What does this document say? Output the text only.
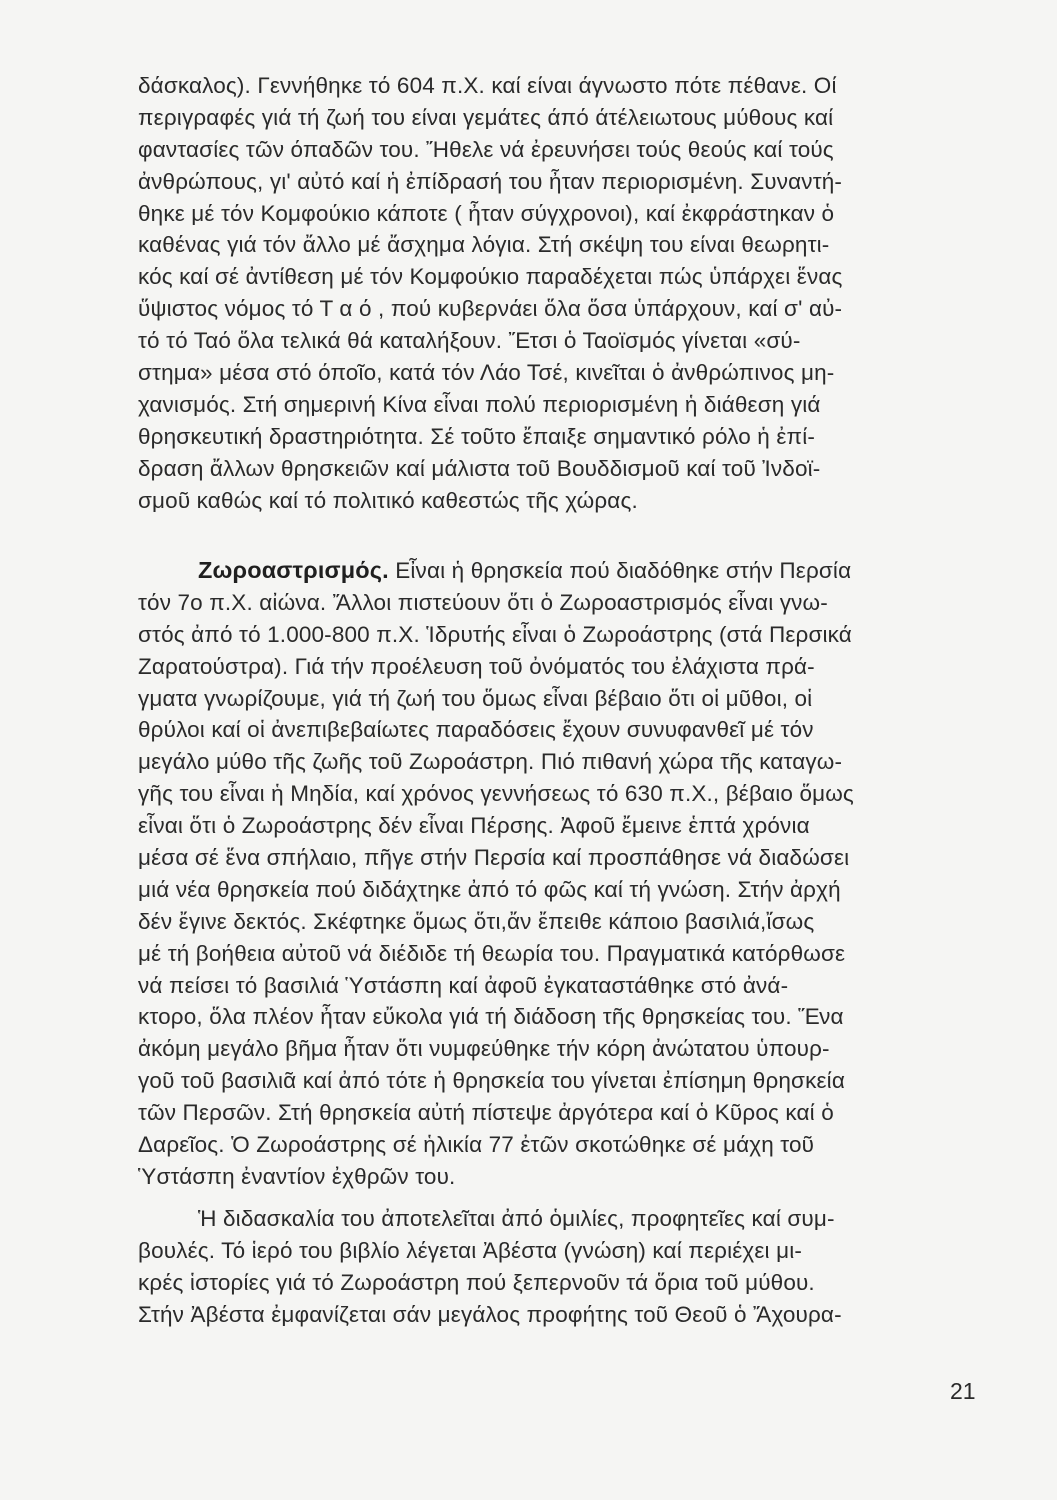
δάσκαλος). Γεννήθηκε τό 604 π.Χ. καί είναι άγνωστο πότε πέθανε. Οί
περιγραφές γιά τή ζωή του είναι γεμάτες άπό άτέλειωτους μύθους καί
φαντασίες τῶν όπαδῶν του. Ἤθελε νά ἐρευνήσει τούς θεούς καί τούς
ἀνθρώπους, γι' αὐτό καί ἡ ἐπίδρασή του ἦταν περιορισμένη. Συναντή-
θηκε μέ τόν Κομφούκιο κάποτε ( ἦταν σύγχρονοι), καί ἐκφράστηκαν ὁ
καθένας γιά τόν ἄλλο μέ ἄσχημα λόγια. Στή σκέψη του είναι θεωρητι-
κός καί σέ ἀντίθεση μέ τόν Κομφούκιο παραδέχεται πώς ὑπάρχει ἕνας
ὕψιστος νόμος τό Τ α ό , πού κυβερνάει ὅλα ὅσα ὑπάρχουν, καί σ' αὐ-
τό τό Ταό ὅλα τελικά θά καταλήξουν. Ἔτσι ὁ Ταοϊσμός γίνεται «σύ-
στημα» μέσα στό όποῖο, κατά τόν Λάο Τσέ, κινεῖται ὁ ἀνθρώπινος μη-
χανισμός. Στή σημερινή Κίνα εἶναι πολύ περιορισμένη ἡ διάθεση γιά
θρησκευτική δραστηριότητα. Σέ τοῦτο ἔπαιξε σημαντικό ρόλο ἡ ἐπί-
δραση ἄλλων θρησκειῶν καί μάλιστα τοῦ Βουδδισμοῦ καί τοῦ Ἰνδοϊ-
σμοῦ καθώς καί τό πολιτικό καθεστώς τῆς χώρας.
Ζωροαστρισμός. Εἶναι ἡ θρησκεία πού διαδόθηκε στήν Περσία
τόν 7ο π.Χ. αἰώνα. Ἄλλοι πιστεύουν ὅτι ὁ Ζωροαστρισμός εἶναι γνω-
στός ἀπό τό 1.000-800 π.Χ. Ἱδρυτής εἶναι ὁ Ζωροάστρης (στά Περσικά
Ζαρατούστρα). Γιά τήν προέλευση τοῦ ὀνόματός του ἐλάχιστα πρά-
γματα γνωρίζουμε, γιά τή ζωή του ὅμως εἶναι βέβαιο ὅτι οἱ μῦθοι, οἱ
θρύλοι καί οἱ ἀνεπιβεβαίωτες παραδόσεις ἔχουν συνυφανθεῖ μέ τόν
μεγάλο μύθο τῆς ζωῆς τοῦ Ζωροάστρη. Πιό πιθανή χώρα τῆς καταγω-
γῆς του εἶναι ἡ Μηδία, καί χρόνος γεννήσεως τό 630 π.Χ., βέβαιο ὅμως
εἶναι ὅτι ὁ Ζωροάστρης δέν εἶναι Πέρσης. Ἀφοῦ ἔμεινε ἑπτά χρόνια
μέσα σέ ἕνα σπήλαιο, πῆγε στήν Περσία καί προσπάθησε νά διαδώσει
μιά νέα θρησκεία πού διδάχτηκε ἀπό τό φῶς καί τή γνώση. Στήν ἀρχή
δέν ἔγινε δεκτός. Σκέφτηκε ὅμως ὅτι,ἄν ἔπειθε κάποιο βασιλιά,ἴσως
μέ τή βοήθεια αὐτοῦ νά διέδιδε τή θεωρία του. Πραγματικά κατόρθωσε
νά πείσει τό βασιλιά Ὑστάσπη καί ἀφοῦ ἐγκαταστάθηκε στό ἀνά-
κτορο, ὅλα πλέον ἦταν εὔκολα γιά τή διάδοση τῆς θρησκείας του. Ἕνα
ἀκόμη μεγάλο βῆμα ἦταν ὅτι νυμφεύθηκε τήν κόρη ἀνώτατου ὑπουρ-
γοῦ τοῦ βασιλιᾶ καί ἀπό τότε ἡ θρησκεία του γίνεται ἐπίσημη θρησκεία
τῶν Περσῶν. Στή θρησκεία αὐτή πίστεψε ἀργότερα καί ὁ Κῦρος καί ὁ
Δαρεῖος. Ὁ Ζωροάστρης σέ ἡλικία 77 ἐτῶν σκοτώθηκε σέ μάχη τοῦ
Ὑστάσπη ἐναντίον ἐχθρῶν του.
Ἡ διδασκαλία του ἀποτελεῖται ἀπό ὁμιλίες, προφητεῖες καί συμ-
βουλές. Τό ἱερό του βιβλίο λέγεται Ἀβέστα (γνώση) καί περιέχει μι-
κρές ἱστορίες γιά τό Ζωροάστρη πού ξεπερνοῦν τά ὅρια τοῦ μύθου.
Στήν Ἀβέστα ἐμφανίζεται σάν μεγάλος προφήτης τοῦ Θεοῦ ὁ Ἄχουρα-
21
